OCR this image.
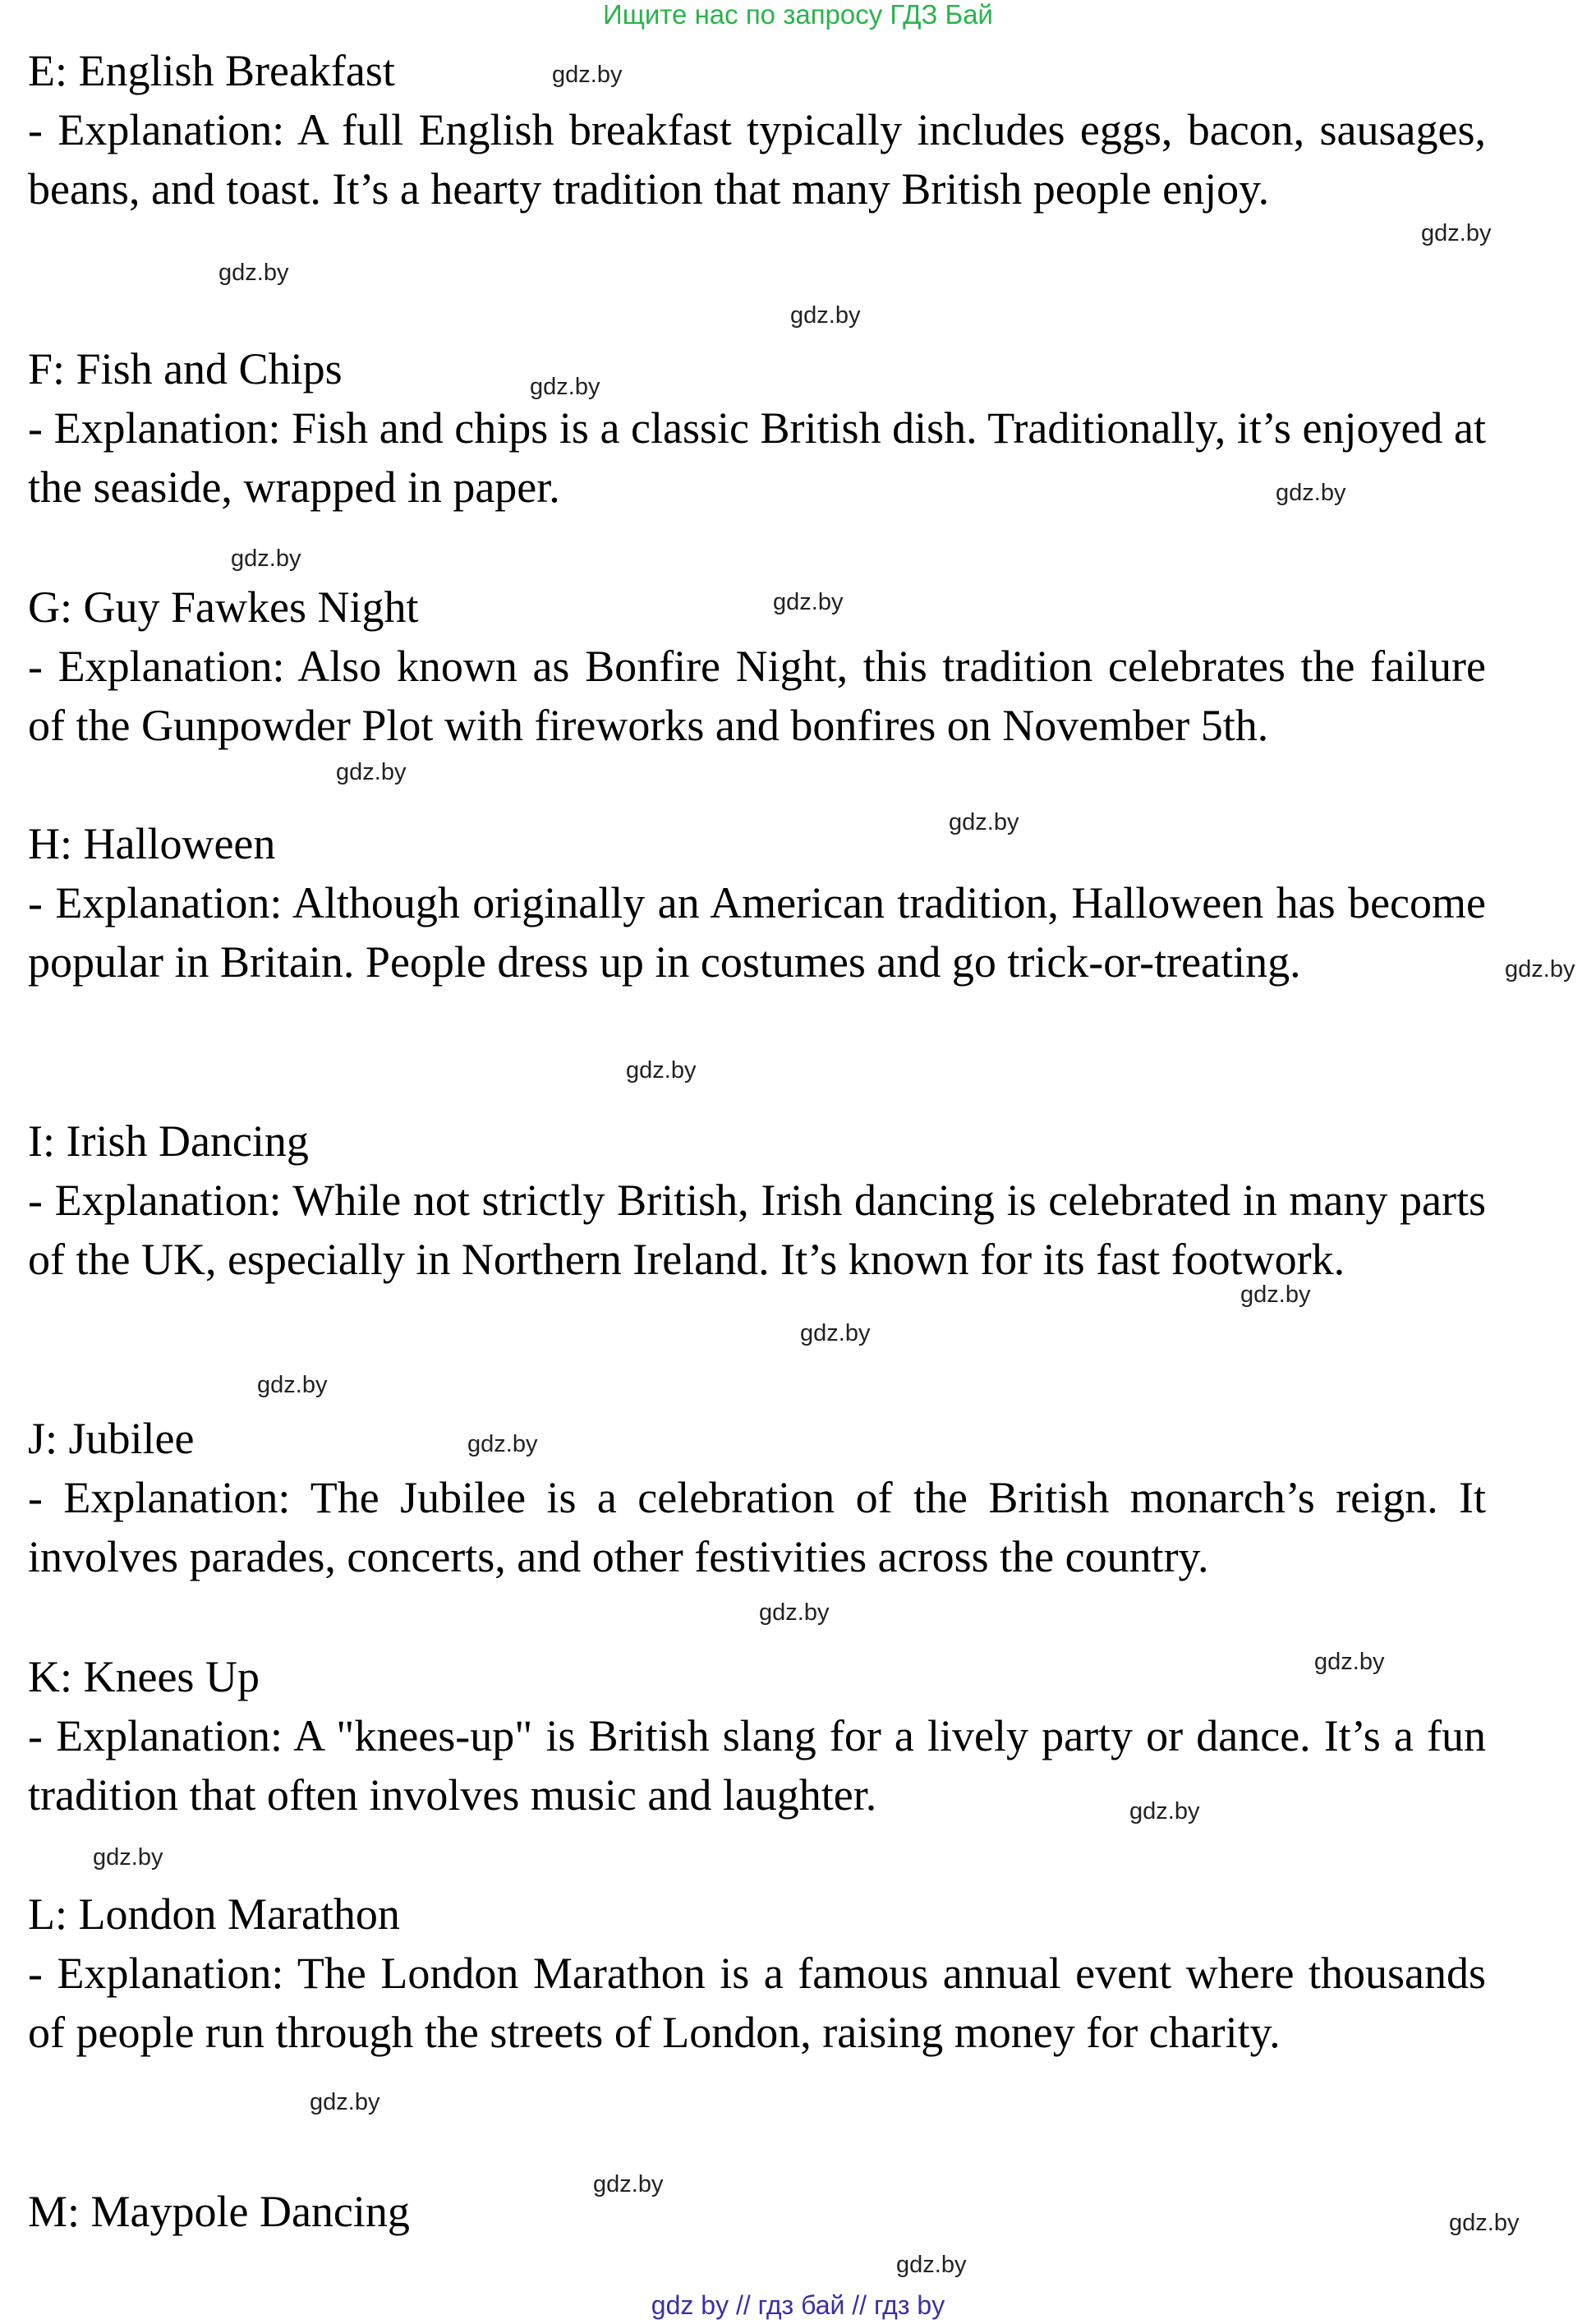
Ищите нас по запросу ГДЗ Бай
E: English Breakfast
- Explanation: A full English breakfast typically includes eggs, bacon, sausages, beans, and toast. It’s a hearty tradition that many British people enjoy.
F: Fish and Chips
- Explanation: Fish and chips is a classic British dish. Traditionally, it’s enjoyed at the seaside, wrapped in paper.
G: Guy Fawkes Night
- Explanation: Also known as Bonfire Night, this tradition celebrates the failure of the Gunpowder Plot with fireworks and bonfires on November 5th.
H: Halloween
- Explanation: Although originally an American tradition, Halloween has become popular in Britain. People dress up in costumes and go trick-or-treating.
I: Irish Dancing
- Explanation: While not strictly British, Irish dancing is celebrated in many parts of the UK, especially in Northern Ireland. It’s known for its fast footwork.
J: Jubilee
- Explanation: The Jubilee is a celebration of the British monarch’s reign. It involves parades, concerts, and other festivities across the country.
K: Knees Up
- Explanation: A "knees-up" is British slang for a lively party or dance. It’s a fun tradition that often involves music and laughter.
L: London Marathon
- Explanation: The London Marathon is a famous annual event where thousands of people run through the streets of London, raising money for charity.
M: Maypole Dancing
gdz.by
gdz.by
gdz.by
gdz.by
gdz.by
gdz.by
gdz.by
gdz.by
gdz.by
gdz.by
gdz.by
gdz.by
gdz.by
gdz.by
gdz.by
gdz.by
gdz.by
gdz.by
gdz.by
gdz.by
gdz.by
gdz.by
gdz.by
gdz.by
gdz by // гдз бай // гдз by
